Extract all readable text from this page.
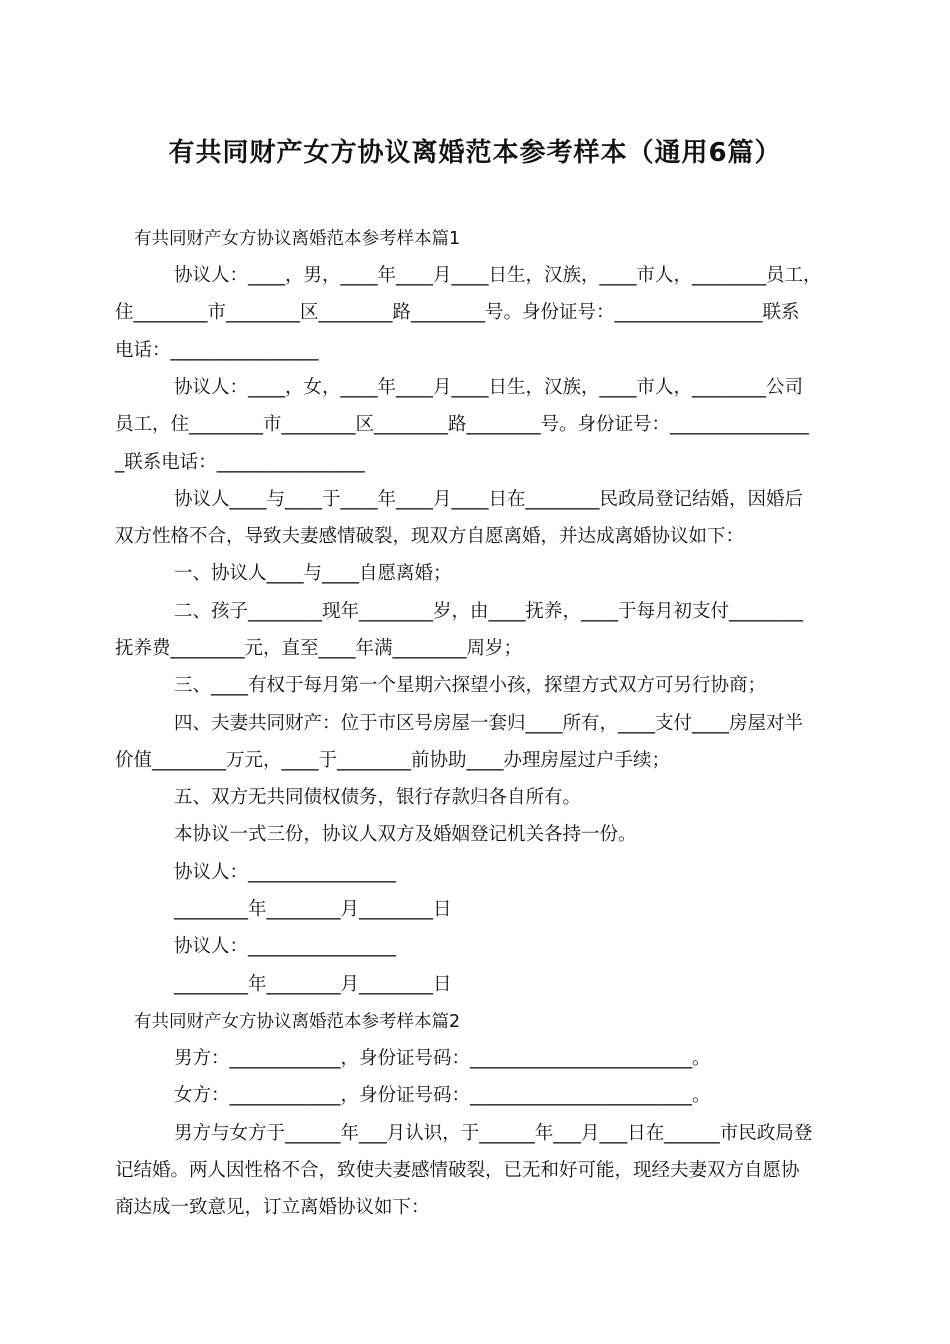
有共同财产女方协议离婚范本参考样本（通用6篇）
有共同财产女方协议离婚范本参考样本篇1
协议人：____，男，____年____月____日生，汉族，____市人，________员工，
住________市________区________路________号。身份证号：________________联系
电话：________________
协议人：____，女，____年____月____日生，汉族，____市人，________公司
员工，住________市________区________路________号。身份证号：_______________
_联系电话：________________
协议人____与____于____年____月____日在________民政局登记结婚，因婚后
双方性格不合，导致夫妻感情破裂，现双方自愿离婚，并达成离婚协议如下：
一、协议人____与____自愿离婚；
二、孩子________现年________岁，由____抚养，____于每月初支付________
抚养费________元，直至____年满________周岁；
三、____有权于每月第一个星期六探望小孩，探望方式双方可另行协商；
四、夫妻共同财产：位于市区号房屋一套归____所有，____支付____房屋对半
价值________万元，____于________前协助____办理房屋过户手续；
五、双方无共同债权债务，银行存款归各自所有。
本协议一式三份，协议人双方及婚姻登记机关各持一份。
协议人：________________
________年________月________日
协议人：________________
________年________月________日
有共同财产女方协议离婚范本参考样本篇2
男方：____________，身份证号码：________________________。
女方：____________，身份证号码：________________________。
男方与女方于______年___月认识，于______年___月___日在______市民政局登
记结婚。两人因性格不合，致使夫妻感情破裂，已无和好可能，现经夫妻双方自愿协
商达成一致意见，订立离婚协议如下：
